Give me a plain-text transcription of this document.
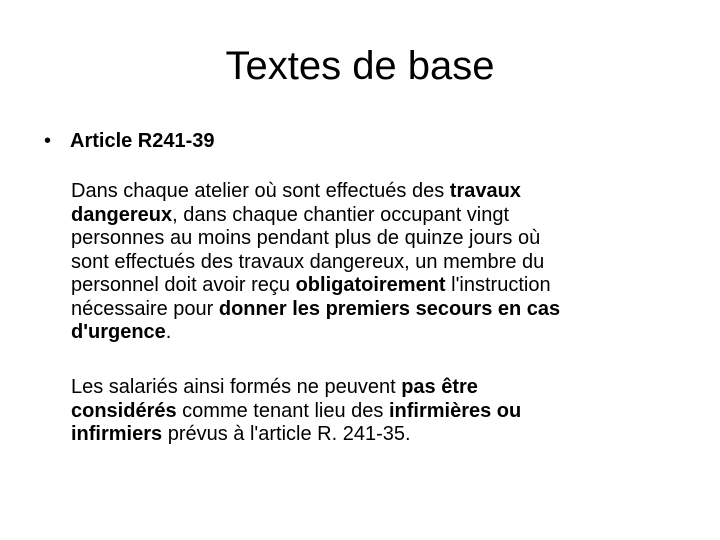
Textes de base
• Article R241-39

Dans chaque atelier où sont effectués des travaux
dangereux, dans chaque chantier occupant vingt
personnes au moins pendant plus de quinze jours où
sont effectués des travaux dangereux, un membre du
personnel doit avoir reçu obligatoirement l'instruction
nécessaire pour donner les premiers secours en cas
d'urgence.

Les salariés ainsi formés ne peuvent pas être
considérés comme tenant lieu des infirmières ou
infirmiers prévus à l'article R. 241-35.
